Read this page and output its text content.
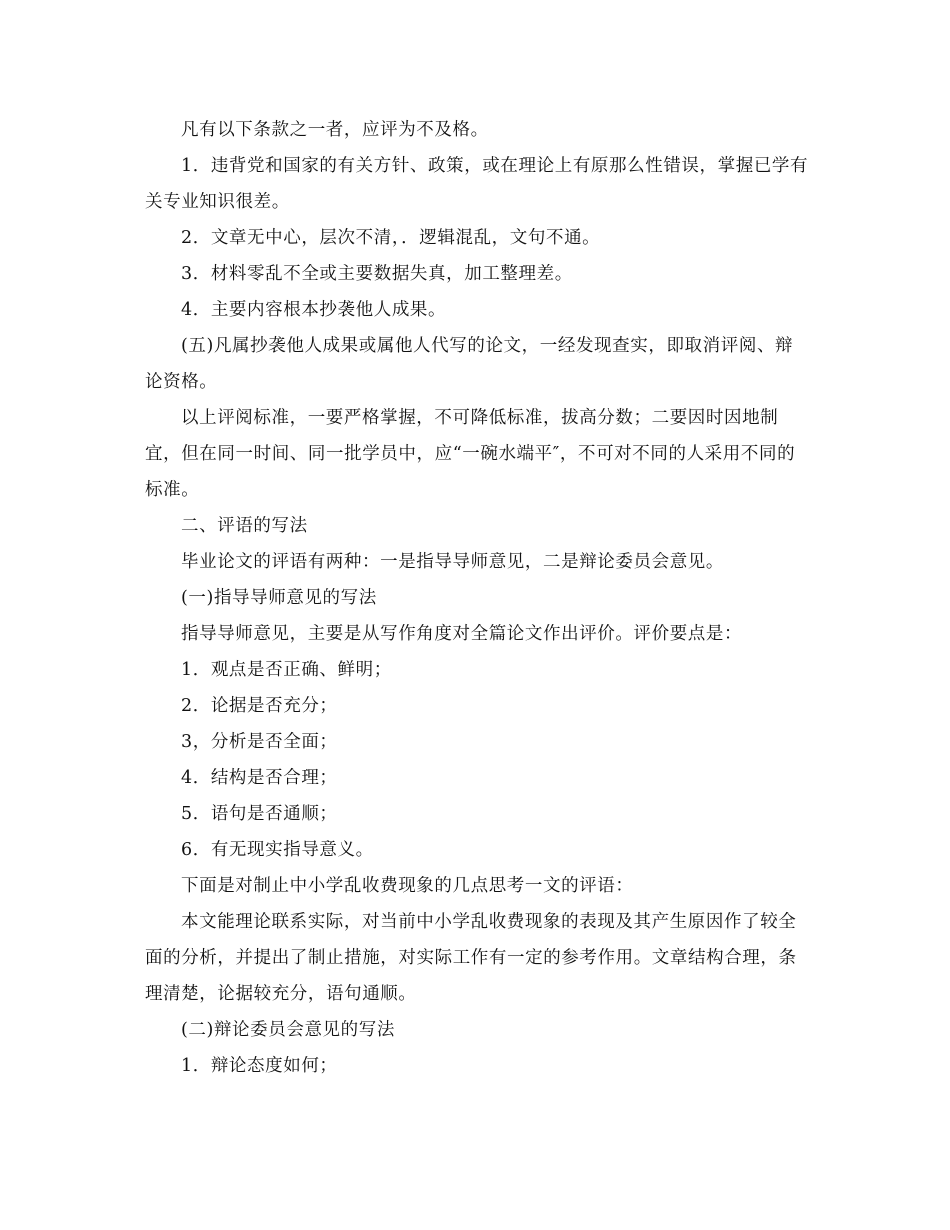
凡有以下条款之一者，应评为不及格。

1．违背党和国家的有关方针、政策，或在理论上有原那么性错误，掌握已学有关专业知识很差。

2．文章无中心，层次不清，．逻辑混乱，文句不通。

3．材料零乱不全或主要数据失真，加工整理差。

4．主要内容根本抄袭他人成果。

(五)凡属抄袭他人成果或属他人代写的论文，一经发现查实，即取消评阅、辩论资格。

以上评阅标准，一要严格掌握，不可降低标准，拔高分数；二要因时因地制宜，但在同一时间、同一批学员中，应“一碗水端平″，不可对不同的人采用不同的标准。

二、评语的写法

毕业论文的评语有两种：一是指导导师意见，二是辩论委员会意见。

(一)指导导师意见的写法

指导导师意见，主要是从写作角度对全篇论文作出评价。评价要点是：

1．观点是否正确、鲜明；

2．论据是否充分；

3，分析是否全面；

4．结构是否合理；

5．语句是否通顺；

6．有无现实指导意义。

下面是对制止中小学乱收费现象的几点思考一文的评语：

本文能理论联系实际，对当前中小学乱收费现象的表现及其产生原因作了较全面的分析，并提出了制止措施，对实际工作有一定的参考作用。文章结构合理，条理清楚，论据较充分，语句通顺。

(二)辩论委员会意见的写法

1．辩论态度如何；
